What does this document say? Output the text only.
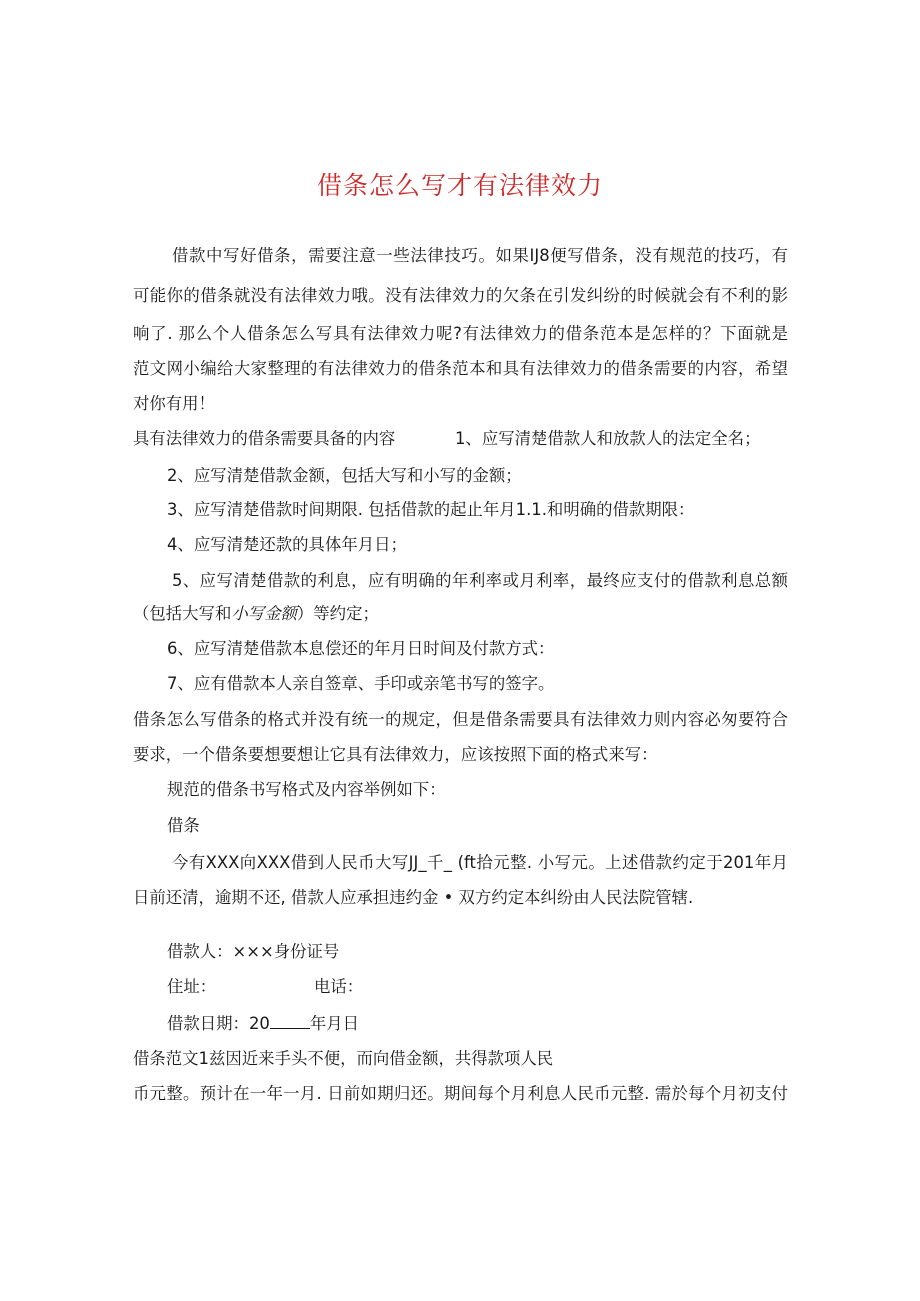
借条怎么写才有法律效力
借款中写好借条，需要注意一些法律技巧。如果IJ8便写借条，没有规范的技巧，有
可能你的借条就没有法律效力哦。没有法律效力的欠条在引发纠纷的时候就会有不利的影
响了. 那么个人借条怎么写具有法律效力呢?有法律效力的借条范本是怎样的？下面就是
范文网小编给大家整理的有法律效力的借条范本和具有法律效力的借条需要的内容，希望
对你有用！
具有法律效力的借条需要具备的内容	1、应写清楚借款人和放款人的法定全名；
2、应写清楚借款金额，包括大写和小写的金额；
3、应写清楚借款时间期限. 包括借款的起止年月1.1.和明确的借款期限：
4、应写清楚还款的具体年月日；
5、应写清楚借款的利息，应有明确的年利率或月利率，最终应支付的借款利息总额
（包括大写和小写金额）等约定；
6、应写清楚借款本息偿还的年月日时间及付款方式：
7、应有借款本人亲自签章、手印或亲笔书写的签字。
借条怎么写借条的格式并没有统一的规定，但是借条需要具有法律效力则内容必匆要符合
要求，一个借条要想要想让它具有法律效力，应该按照下面的格式来写：
规范的借条书写格式及内容举例如下：
借条
今有XXX向XXX借到人民币大写JJ_千_ (ft拾元整. 小写元。上述借款约定于201年月
日前还清，逾期不还, 借款人应承担违约金 • 双方约定本纠纷由人民法院管辖.
借款人：×××身份证号
住址：	电话：
借款日期：20 年月日
借条范文1兹因近来手头不便，而向借金额，共得款项人民
币元整。预计在一年一月. 日前如期归还。期间每个月利息人民币元整. 需於每个月初支付
